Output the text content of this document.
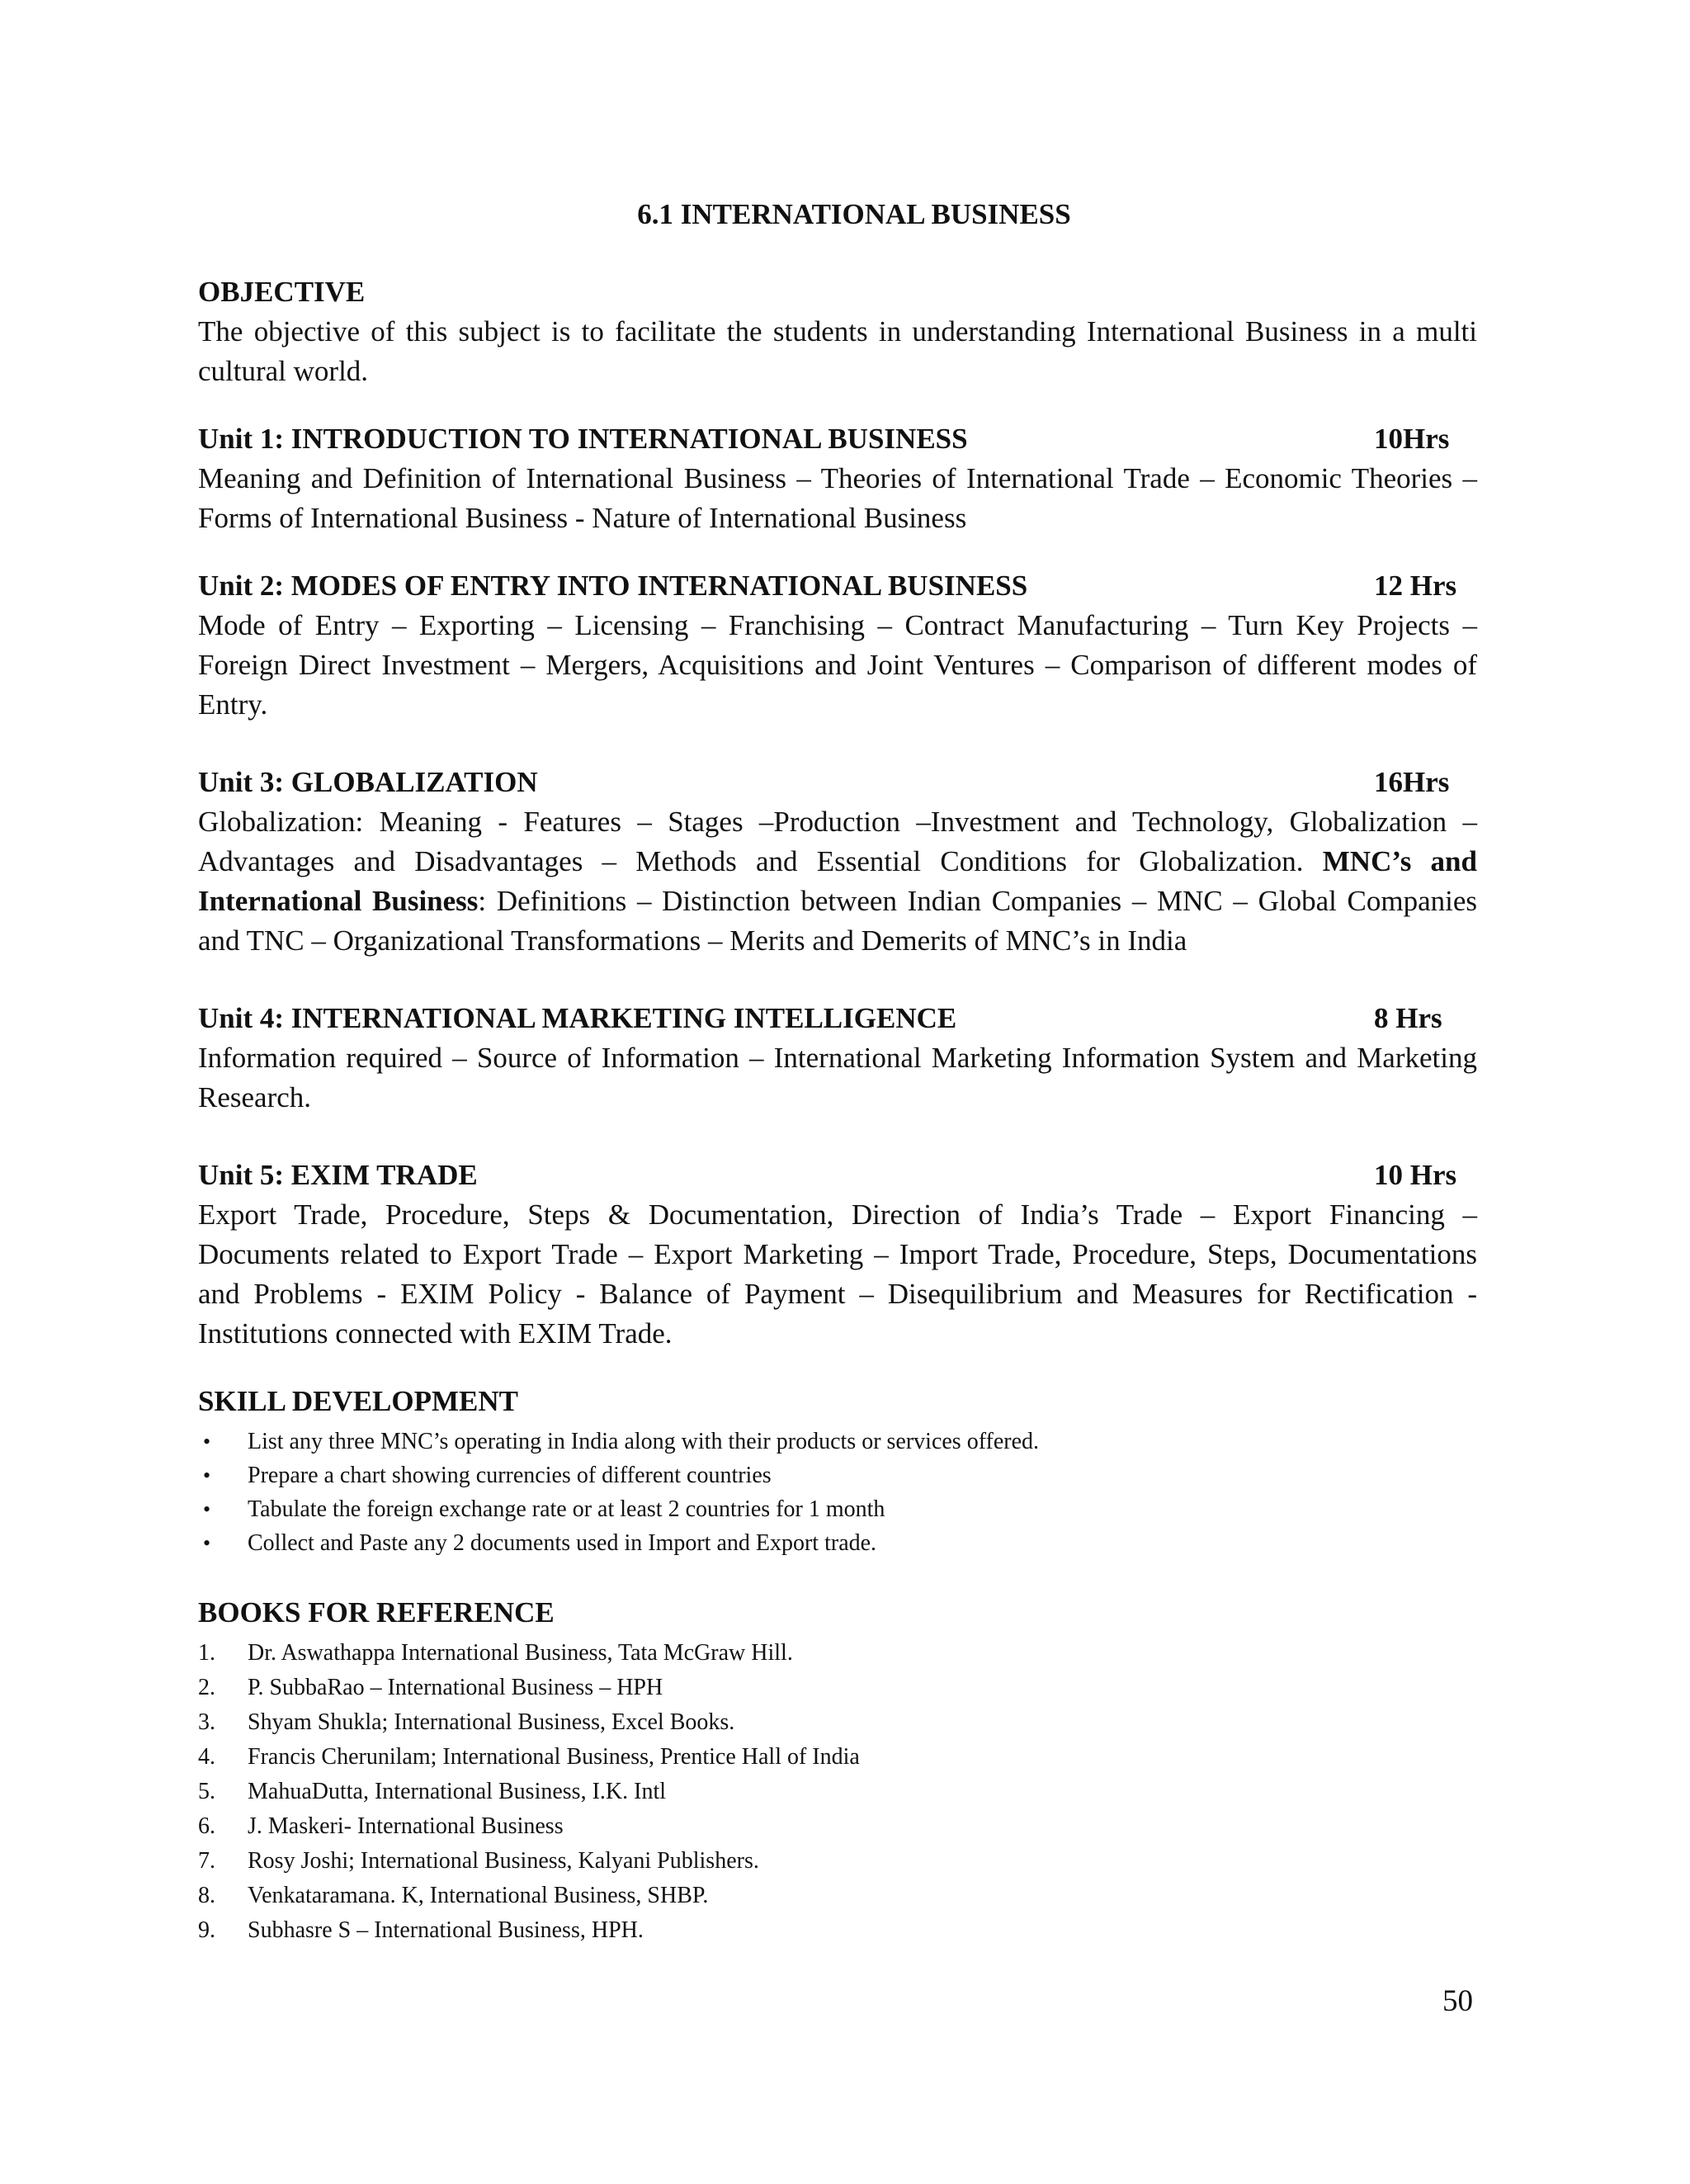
6.1 INTERNATIONAL BUSINESS
OBJECTIVE
The objective of this subject is to facilitate the students in understanding International Business in a multi cultural world.
Unit 1: INTRODUCTION TO INTERNATIONAL BUSINESS	10Hrs
Meaning and Definition of International Business – Theories of International Trade – Economic Theories – Forms of International Business - Nature of International Business
Unit 2: MODES OF ENTRY INTO INTERNATIONAL BUSINESS	12 Hrs
Mode of Entry – Exporting – Licensing – Franchising – Contract Manufacturing – Turn Key Projects – Foreign Direct Investment – Mergers, Acquisitions and Joint Ventures – Comparison of different modes of Entry.
Unit 3: GLOBALIZATION	16Hrs
Globalization: Meaning - Features – Stages –Production –Investment and Technology, Globalization – Advantages and Disadvantages – Methods and Essential Conditions for Globalization. MNC’s and International Business: Definitions – Distinction between Indian Companies – MNC – Global Companies and TNC – Organizational Transformations – Merits and Demerits of MNC’s in India
Unit 4: INTERNATIONAL MARKETING INTELLIGENCE	8 Hrs
Information required – Source of Information – International Marketing Information System and Marketing Research.
Unit 5: EXIM TRADE	10 Hrs
Export Trade, Procedure, Steps & Documentation, Direction of India’s Trade – Export Financing – Documents related to Export Trade – Export Marketing – Import Trade, Procedure, Steps, Documentations and Problems - EXIM Policy - Balance of Payment – Disequilibrium and Measures for Rectification - Institutions connected with EXIM Trade.
SKILL DEVELOPMENT
• List any three MNC’s operating in India along with their products or services offered.
• Prepare a chart showing currencies of different countries
• Tabulate the foreign exchange rate or at least 2 countries for 1 month
• Collect and Paste any 2 documents used in Import and Export trade.
BOOKS FOR REFERENCE
1. Dr. Aswathappa International Business, Tata McGraw Hill.
2. P. SubbaRao – International Business – HPH
3. Shyam Shukla; International Business, Excel Books.
4. Francis Cherunilam; International Business, Prentice Hall of India
5. MahuaDutta, International Business, I.K. Intl
6. J. Maskeri- International Business
7. Rosy Joshi; International Business, Kalyani Publishers.
8. Venkataramana. K, International Business, SHBP.
9. Subhasre S – International Business, HPH.
50
